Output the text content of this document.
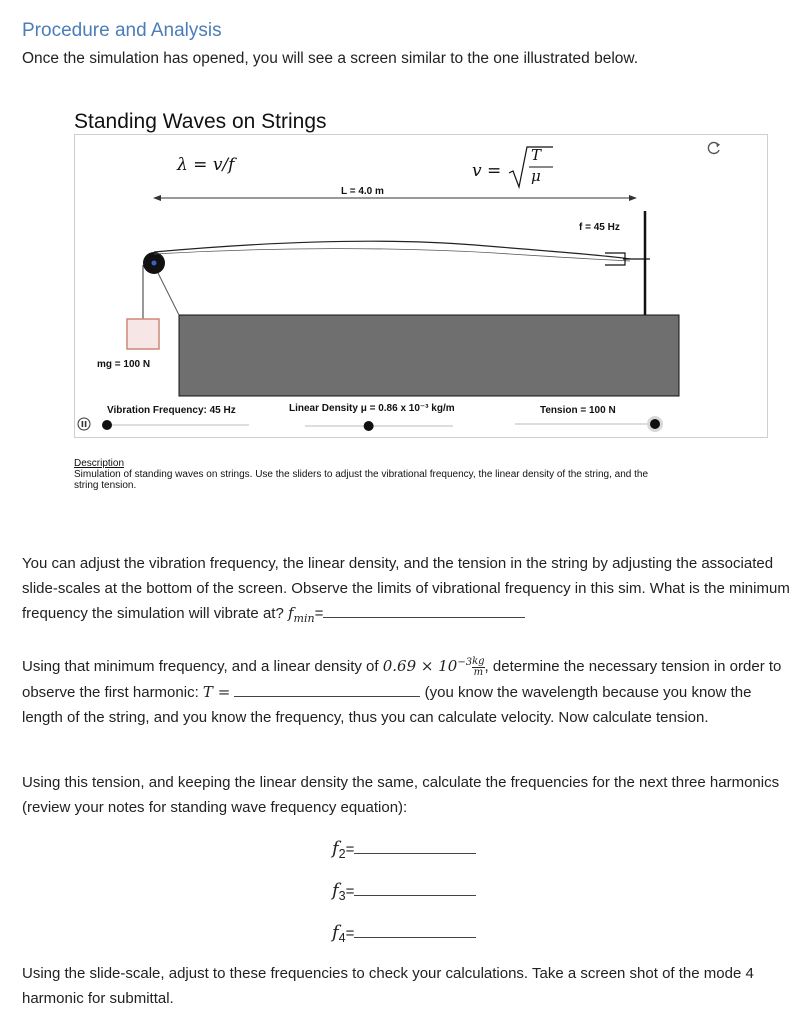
Procedure and Analysis
Once the simulation has opened, you will see a screen similar to the one illustrated below.
Standing Waves on Strings
λ = v/f	v =
T
μ
L = 4.0 m
f = 45 Hz
mg = 100 N
Vibration Frequency: 45 Hz	Linear Density μ = 0.86 x 10⁻³ kg/m	Tension = 100 N
Description
Simulation of standing waves on strings. Use the sliders to adjust the vibrational frequency, the linear density of the string, and the string tension.
You can adjust the vibration frequency, the linear density, and the tension in the string by adjusting the associated slide-scales at the bottom of the screen. Observe the limits of vibrational frequency in this sim. What is the minimum frequency the simulation will vibrate at? $f_{min}=$
Using that minimum frequency, and a linear density of $0.69 \times 10^{-3} \frac{kg}{m}$ , determine the necessary tension in order to observe the first harmonic: T =	(you know the wavelength because you know the length of the string, and you know the frequency, thus you can calculate velocity. Now calculate tension.
Using this tension, and keeping the linear density the same, calculate the frequencies for the next three harmonics (review your notes for standing wave frequency equation):
$f_2=$
$f_3=$
$f_4=$
Using the slide-scale, adjust to these frequencies to check your calculations. Take a screen shot of the mode 4 harmonic for submittal.
